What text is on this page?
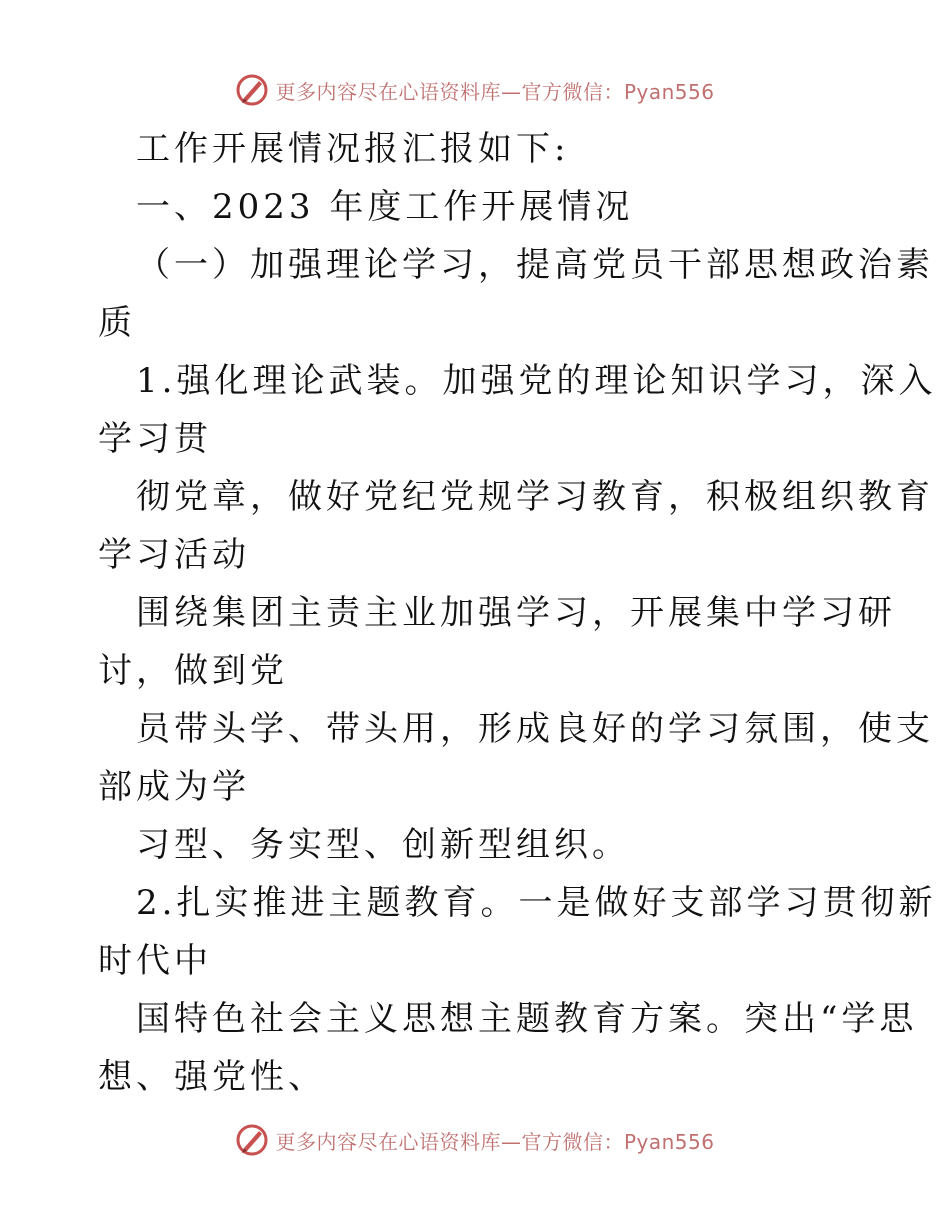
更多内容尽在心语资料库—官方微信：Pyan556
工作开展情况报汇报如下:
一、2023 年度工作开展情况
（一）加强理论学习，提高党员干部思想政治素
质
1.强化理论武装。加强党的理论知识学习，深入
学习贯
彻党章，做好党纪党规学习教育，积极组织教育
学习活动
围绕集团主责主业加强学习，开展集中学习研
讨，做到党
员带头学、带头用，形成良好的学习氛围，使支
部成为学
习型、务实型、创新型组织。
2.扎实推进主题教育。一是做好支部学习贯彻新
时代中
国特色社会主义思想主题教育方案。突出“学思
想、强党性、
更多内容尽在心语资料库—官方微信：Pyan556
